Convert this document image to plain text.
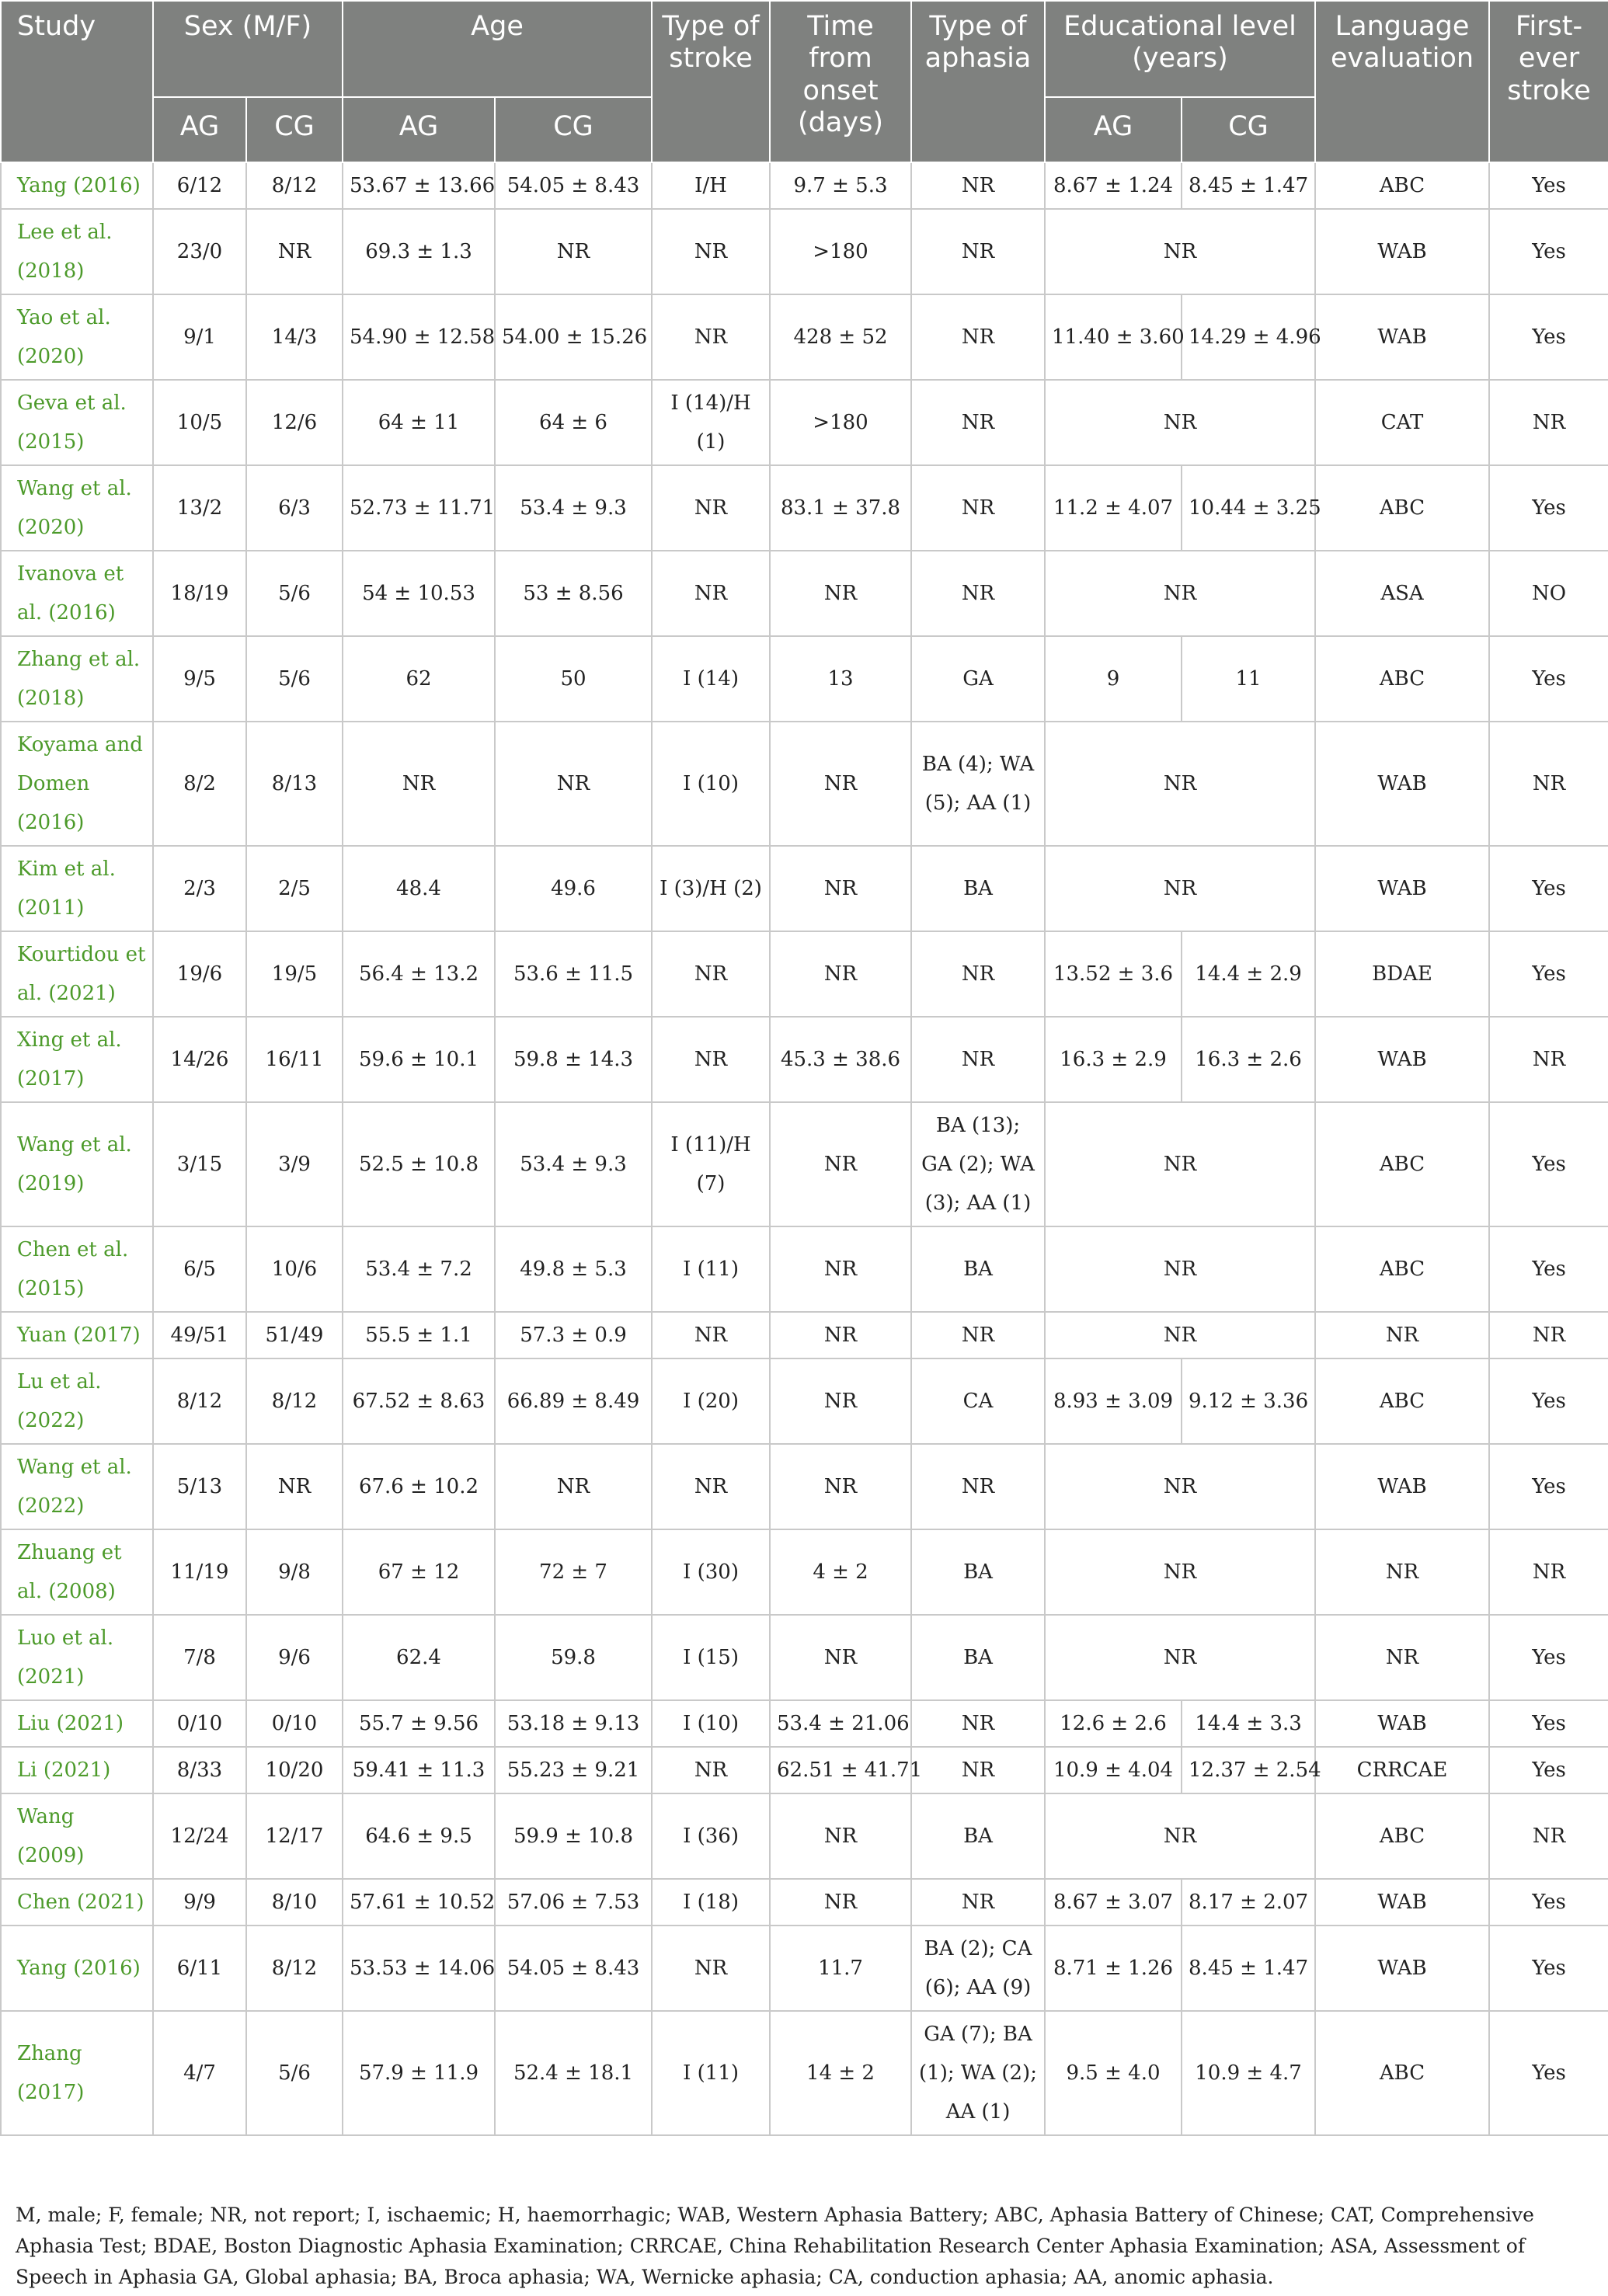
Study	Sex (M/F)		Age		Type of stroke	Time from onset (days)	Type of aphasia	Educational level (years)		Language evaluation	First-ever stroke
	AG	CG	AG	CG				AG	CG		
Yang (2016)	6/12	8/12	53.67 ± 13.66	54.05 ± 8.43	I/H	9.7 ± 5.3	NR	8.67 ± 1.24	8.45 ± 1.47	ABC	Yes
Lee et al. (2018)	23/0	NR	69.3 ± 1.3	NR	NR	>180	NR	NR		WAB	Yes
Yao et al. (2020)	9/1	14/3	54.90 ± 12.58	54.00 ± 15.26	NR	428 ± 52	NR	11.40 ± 3.60	14.29 ± 4.96	WAB	Yes
Geva et al. (2015)	10/5	12/6	64 ± 11	64 ± 6	I (14)/H (1)	>180	NR	NR		CAT	NR
Wang et al. (2020)	13/2	6/3	52.73 ± 11.71	53.4 ± 9.3	NR	83.1 ± 37.8	NR	11.2 ± 4.07	10.44 ± 3.25	ABC	Yes
Ivanova et al. (2016)	18/19	5/6	54 ± 10.53	53 ± 8.56	NR	NR	NR	NR		ASA	NO
Zhang et al. (2018)	9/5	5/6	62	50	I (14)	13	GA	9	11	ABC	Yes
Koyama and Domen (2016)	8/2	8/13	NR	NR	I (10)	NR	BA (4); WA (5); AA (1)	NR		WAB	NR
Kim et al. (2011)	2/3	2/5	48.4	49.6	I (3)/H (2)	NR	BA	NR		WAB	Yes
Kourtidou et al. (2021)	19/6	19/5	56.4 ± 13.2	53.6 ± 11.5	NR	NR	NR	13.52 ± 3.6	14.4 ± 2.9	BDAE	Yes
Xing et al. (2017)	14/26	16/11	59.6 ± 10.1	59.8 ± 14.3	NR	45.3 ± 38.6	NR	16.3 ± 2.9	16.3 ± 2.6	WAB	NR
Wang et al. (2019)	3/15	3/9	52.5 ± 10.8	53.4 ± 9.3	I (11)/H (7)	NR	BA (13); GA (2); WA (3); AA (1)	NR		ABC	Yes
Chen et al. (2015)	6/5	10/6	53.4 ± 7.2	49.8 ± 5.3	I (11)	NR	BA	NR		ABC	Yes
Yuan (2017)	49/51	51/49	55.5 ± 1.1	57.3 ± 0.9	NR	NR	NR	NR		NR	NR
Lu et al. (2022)	8/12	8/12	67.52 ± 8.63	66.89 ± 8.49	I (20)	NR	CA	8.93 ± 3.09	9.12 ± 3.36	ABC	Yes
Wang et al. (2022)	5/13	NR	67.6 ± 10.2	NR	NR	NR	NR	NR		WAB	Yes
Zhuang et al. (2008)	11/19	9/8	67 ± 12	72 ± 7	I (30)	4 ± 2	BA	NR		NR	NR
Luo et al. (2021)	7/8	9/6	62.4	59.8	I (15)	NR	BA	NR		NR	Yes
Liu (2021)	0/10	0/10	55.7 ± 9.56	53.18 ± 9.13	I (10)	53.4 ± 21.06	NR	12.6 ± 2.6	14.4 ± 3.3	WAB	Yes
Li (2021)	8/33	10/20	59.41 ± 11.3	55.23 ± 9.21	NR	62.51 ± 41.71	NR	10.9 ± 4.04	12.37 ± 2.54	CRRCAE	Yes
Wang (2009)	12/24	12/17	64.6 ± 9.5	59.9 ± 10.8	I (36)	NR	BA	NR		ABC	NR
Chen (2021)	9/9	8/10	57.61 ± 10.52	57.06 ± 7.53	I (18)	NR	NR	8.67 ± 3.07	8.17 ± 2.07	WAB	Yes
Yang (2016)	6/11	8/12	53.53 ± 14.06	54.05 ± 8.43	NR	11.7	BA (2); CA (6); AA (9)	8.71 ± 1.26	8.45 ± 1.47	WAB	Yes
Zhang (2017)	4/7	5/6	57.9 ± 11.9	52.4 ± 18.1	I (11)	14 ± 2	GA (7); BA (1); WA (2); AA (1)	9.5 ± 4.0	10.9 ± 4.7	ABC	Yes
M, male; F, female; NR, not report; I, ischaemic; H, haemorrhagic; WAB, Western Aphasia Battery; ABC, Aphasia Battery of Chinese; CAT, Comprehensive Aphasia Test; BDAE, Boston Diagnostic Aphasia Examination; CRRCAE, China Rehabilitation Research Center Aphasia Examination; ASA, Assessment of Speech in Aphasia GA, Global aphasia; BA, Broca aphasia; WA, Wernicke aphasia; CA, conduction aphasia; AA, anomic aphasia.
